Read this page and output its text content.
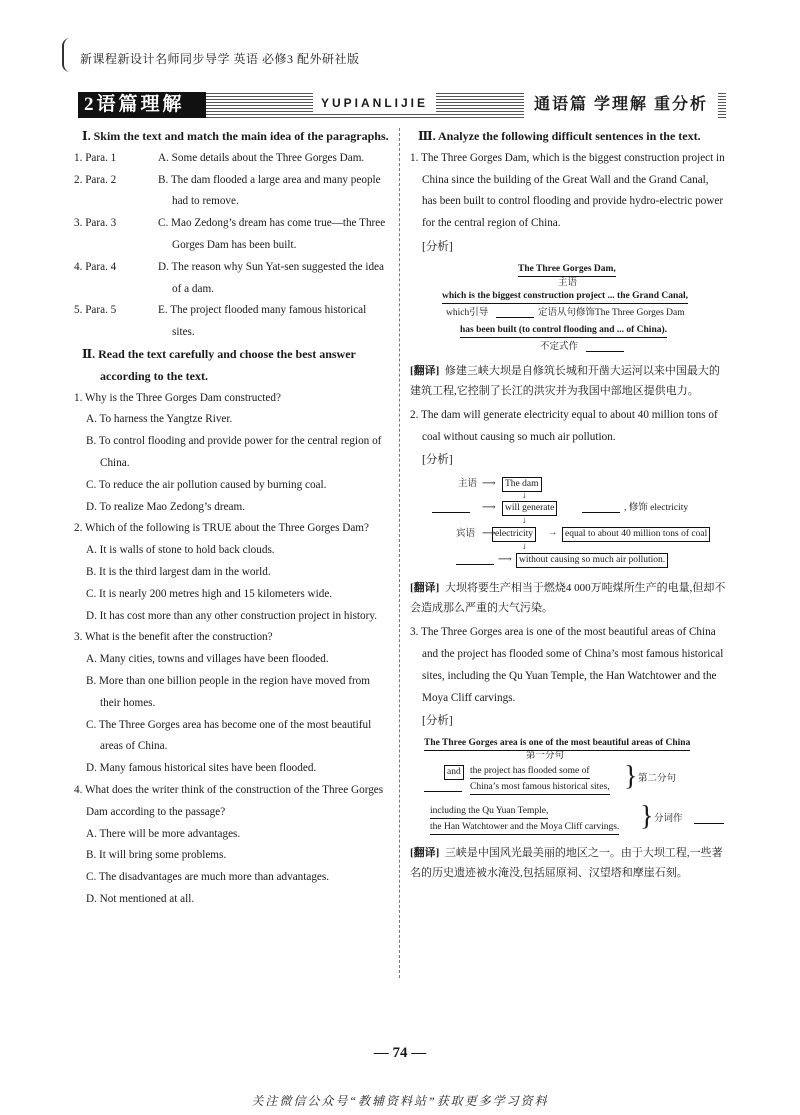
新课程新设计名师同步导学 英语 必修3 配外研社版
2语篇理解	YUPIANLIJIE	通语篇 学理解 重分析

Ⅰ. Skim the text and match the main idea of the paragraphs.

1. Para. 1	A. Some details about the Three Gorges Dam.
2. Para. 2	B. The dam flooded a large area and many people had to remove.
3. Para. 3	C. Mao Zedong’s dream has come true—the Three Gorges Dam has been built.
4. Para. 4	D. The reason why Sun Yat-sen suggested the idea of a dam.
5. Para. 5	E. The project flooded many famous historical sites.

Ⅱ. Read the text carefully and choose the best answer according to the text.

1. Why is the Three Gorges Dam constructed?

A. To harness the Yangtze River.

B. To control flooding and provide power for the central region of China.

C. To reduce the air pollution caused by burning coal.

D. To realize Mao Zedong’s dream.

2. Which of the following is TRUE about the Three Gorges Dam?

A. It is walls of stone to hold back clouds.

B. It is the third largest dam in the world.

C. It is nearly 200 metres high and 15 kilometers wide.

D. It has cost more than any other construction project in history.

3. What is the benefit after the construction?

A. Many cities, towns and villages have been flooded.

B. More than one billion people in the region have moved from their homes.

C. The Three Gorges area has become one of the most beautiful areas of China.

D. Many famous historical sites have been flooded.

4. What does the writer think of the construction of the Three Gorges Dam according to the passage?

A. There will be more advantages.

B. It will bring some problems.

C. The disadvantages are much more than advantages.

D. Not mentioned at all.

Ⅲ. Analyze the following difficult sentences in the text.

1. The Three Gorges Dam, which is the biggest construction project in China since the building of the Great Wall and the Grand Canal, has been built to control flooding and provide hydro-electric power for the central region of China.

[分析]
The Three Gorges Dam,
主语
which is the biggest construction project ... the Grand Canal,
which引导	定语从句修饰The Three Gorges Dam
has been built (to control flooding and ... of China).
不定式作

[翻译] 修建三峡大坝是自修筑长城和开凿大运河以来中国最大的建筑工程,它控制了长江的洪灾并为我国中部地区提供电力。

2. The dam will generate electricity equal to about 40 million tons of coal without causing so much air pollution.

[分析]
主语 ⟶ The dam
↓
⟶ will generate	, 修饰 electricity
↓
宾语 ⟶ electricity	→ equal to about 40 million tons of coal
↓
⟶ without causing so much air pollution.

[翻译] 大坝将要生产相当于燃烧4 000万吨煤所生产的电量,但却不会造成那么严重的大气污染。

3. The Three Gorges area is one of the most beautiful areas of China and the project has flooded some of China’s most famous historical sites, including the Qu Yuan Temple, the Han Watchtower and the Moya Cliff carvings.

[分析]
The Three Gorges area is one of the most beautiful areas of China
第一分句
and the project has flooded some of
China’s most famous historical sites, } 第二分句
including the Qu Yuan Temple,
the Han Watchtower and the Moya Cliff carvings. } 分词作

[翻译] 三峡是中国风光最美丽的地区之一。由于大坝工程,一些著名的历史遗迹被水淹没,包括屈原祠、汉望塔和摩崖石刻。

— 74 —
关注微信公众号“教辅资料站”获取更多学习资料
